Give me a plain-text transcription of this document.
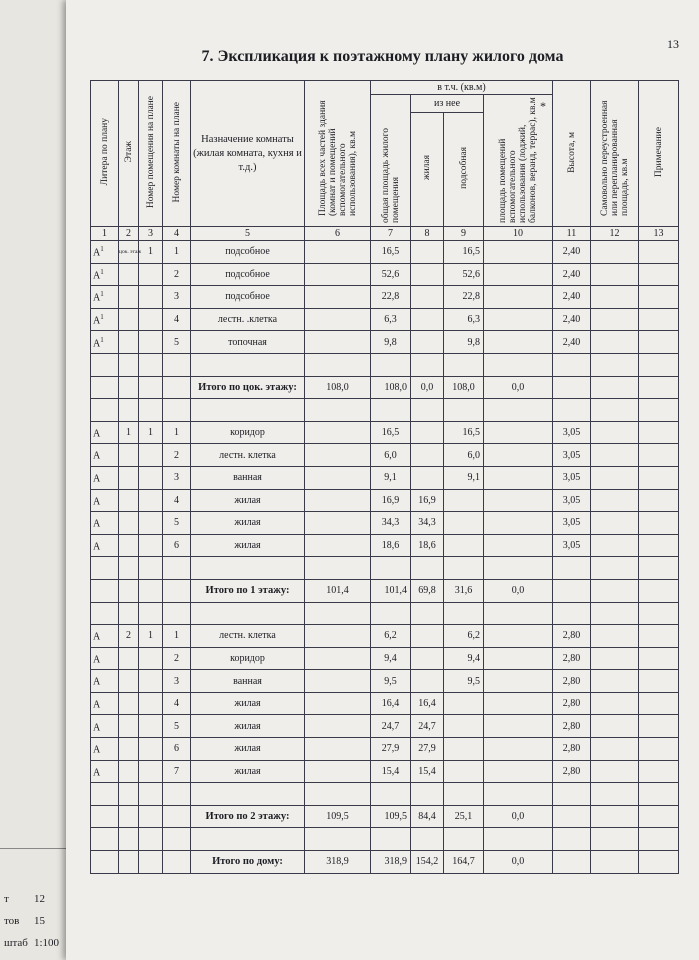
т 12
тов 15
штаб 1:100
13
7. Экспликация к поэтажному плану жилого дома
Литера по плану	Этаж	Номер помещения на плане	Номер комнаты на плане	Назначение комнаты (жилая комната, кухня и т.д.)	Площадь всех частей здания (комнат и помещений вспомогательного использования), кв.м	в т.ч. (кв.м)				Высота, м	Самовольно переустроенная или перепланированная площадь, кв.м	Примечание
						общая площадь жилого помещения	из нее		площадь помещений вспомогательного использования (лоджий, балконов, веранд, террас), кв.м *			

							жилая	подсобная				
1	2	3	4	5	6	7	8	9	10	11	12	13
$А^1$	цок. этаж	1	1	подсобное		16,5		16,5		2,40		
$А^1$			2	подсобное		52,6		52,6		2,40		
$А^1$			3	подсобное		22,8		22,8		2,40		
$А^1$			4	лестн. .клетка		6,3		6,3		2,40		
$А^1$			5	топочная		9,8		9,8		2,40		

				Итого по цок. этажу:	108,0	108,0	0,0	108,0	0,0			

А	1	1	1	коридор		16,5		16,5		3,05		
А			2	лестн. клетка		6,0		6,0		3,05		
А			3	ванная		9,1		9,1		3,05		
А			4	жилая		16,9	16,9			3,05		
А			5	жилая		34,3	34,3			3,05		
А			6	жилая		18,6	18,6			3,05		

				Итого по 1 этажу:	101,4	101,4	69,8	31,6	0,0			

А	2	1	1	лестн. клетка		6,2		6,2		2,80		
А			2	коридор		9,4		9,4		2,80		
А			3	ванная		9,5		9,5		2,80		
А			4	жилая		16,4	16,4			2,80		
А			5	жилая		24,7	24,7			2,80		
А			6	жилая		27,9	27,9			2,80		
А			7	жилая		15,4	15,4			2,80		

				Итого по 2 этажу:	109,5	109,5	84,4	25,1	0,0			

				Итого по дому:	318,9	318,9	154,2	164,7	0,0			
